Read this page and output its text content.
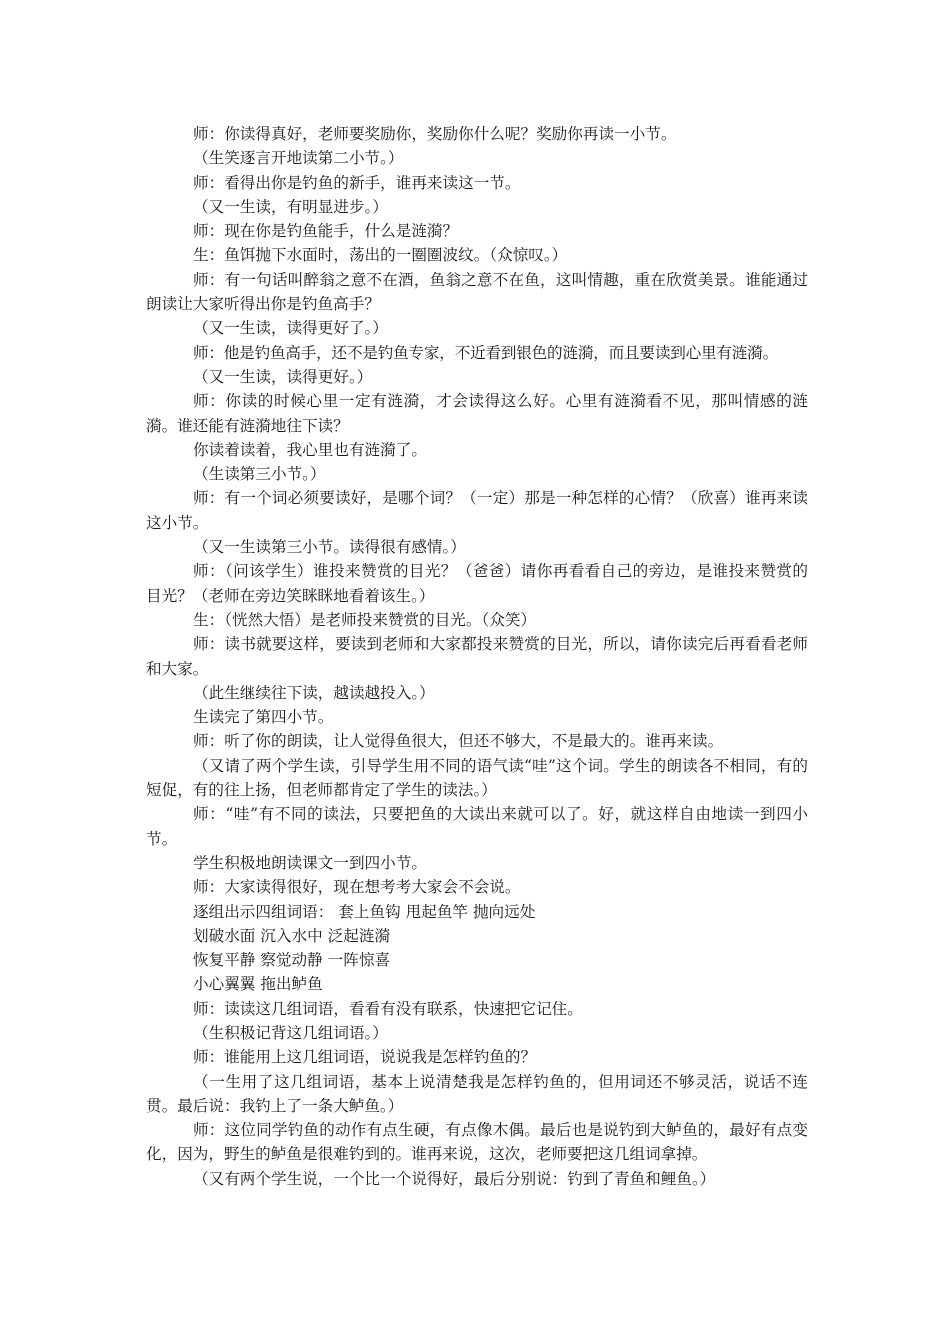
师：你读得真好，老师要奖励你，奖励你什么呢？奖励你再读一小节。

（生笑逐言开地读第二小节。）

师：看得出你是钓鱼的新手，谁再来读这一节。

（又一生读，有明显进步。）

师：现在你是钓鱼能手，什么是涟漪？

生：鱼饵抛下水面时，荡出的一圈圈波纹。（众惊叹。）

师：有一句话叫醉翁之意不在酒，鱼翁之意不在鱼，这叫情趣，重在欣赏美景。谁能通过朗读让大家听得出你是钓鱼高手？

（又一生读，读得更好了。）

师：他是钓鱼高手，还不是钓鱼专家，不近看到银色的涟漪，而且要读到心里有涟漪。

（又一生读，读得更好。）

师：你读的时候心里一定有涟漪，才会读得这么好。心里有涟漪看不见，那叫情感的涟漪。谁还能有涟漪地往下读？

你读着读着，我心里也有涟漪了。

（生读第三小节。）

师：有一个词必须要读好，是哪个词？（一定）那是一种怎样的心情？（欣喜）谁再来读这小节。

（又一生读第三小节。读得很有感情。）

师：（问该学生）谁投来赞赏的目光？（爸爸）请你再看看自己的旁边，是谁投来赞赏的目光？（老师在旁边笑眯眯地看着该生。）

生：（恍然大悟）是老师投来赞赏的目光。（众笑）

师：读书就要这样，要读到老师和大家都投来赞赏的目光，所以，请你读完后再看看老师和大家。

（此生继续往下读，越读越投入。）

生读完了第四小节。

师：听了你的朗读，让人觉得鱼很大，但还不够大，不是最大的。谁再来读。

（又请了两个学生读，引导学生用不同的语气读“哇”这个词。学生的朗读各不相同，有的短促，有的往上扬，但老师都肯定了学生的读法。）

师：“哇”有不同的读法，只要把鱼的大读出来就可以了。好，就这样自由地读一到四小节。

学生积极地朗读课文一到四小节。

师：大家读得很好，现在想考考大家会不会说。

逐组出示四组词语： 套上鱼钩 甩起鱼竿 抛向远处

划破水面 沉入水中 泛起涟漪

恢复平静 察觉动静 一阵惊喜

小心翼翼 拖出鲈鱼

师：读读这几组词语，看看有没有联系，快速把它记住。

（生积极记背这几组词语。）

师：谁能用上这几组词语，说说我是怎样钓鱼的？

（一生用了这几组词语，基本上说清楚我是怎样钓鱼的，但用词还不够灵活，说话不连贯。最后说：我钓上了一条大鲈鱼。）

师：这位同学钓鱼的动作有点生硬，有点像木偶。最后也是说钓到大鲈鱼的，最好有点变化，因为，野生的鲈鱼是很难钓到的。谁再来说，这次，老师要把这几组词拿掉。

（又有两个学生说，一个比一个说得好，最后分别说：钓到了青鱼和鲤鱼。）
